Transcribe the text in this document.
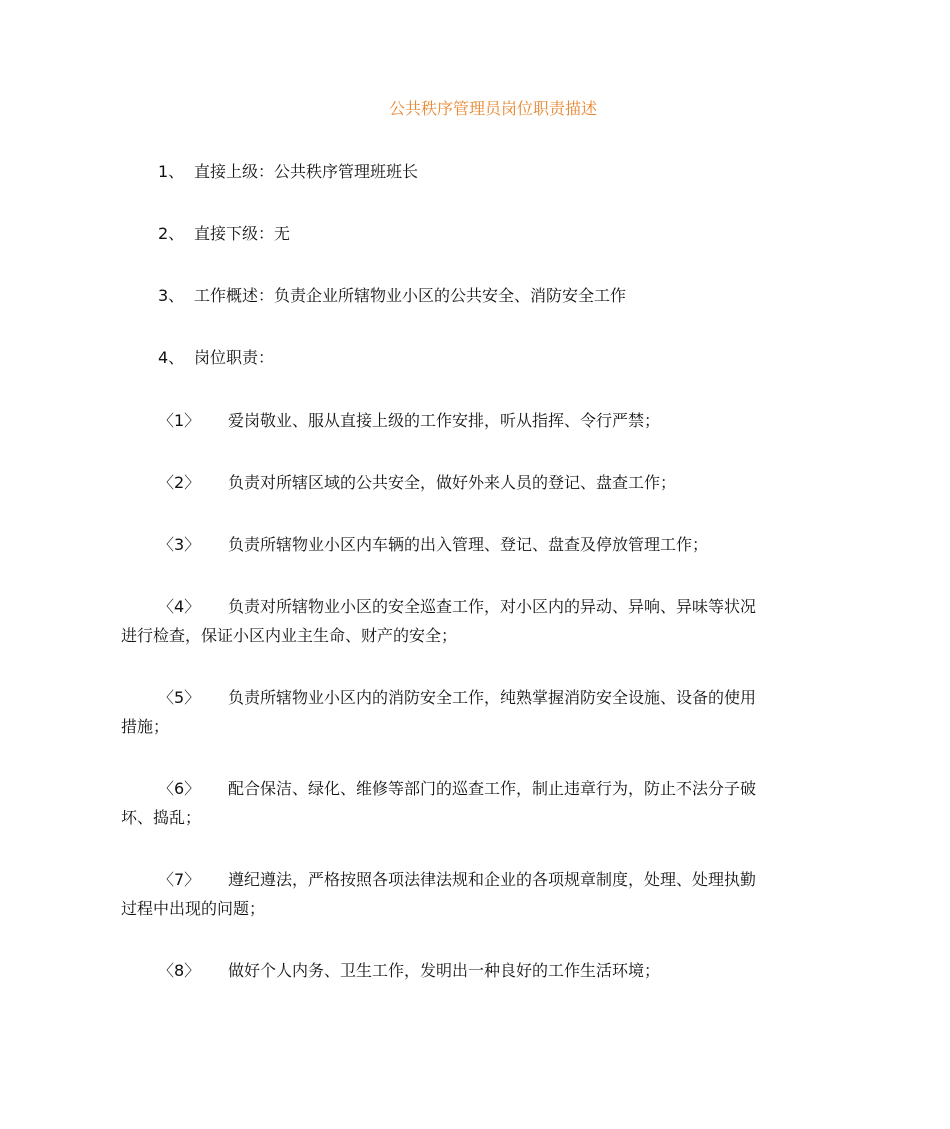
公共秩序管理员岗位职责描述
1、 直接上级：公共秩序管理班班长
2、 直接下级：无
3、 工作概述：负责企业所辖物业小区的公共安全、消防安全工作
4、 岗位职责：
〈1〉 爱岗敬业、服从直接上级的工作安排，听从指挥、令行严禁；
〈2〉 负责对所辖区域的公共安全，做好外来人员的登记、盘查工作；
〈3〉 负责所辖物业小区内车辆的出入管理、登记、盘查及停放管理工作；
〈4〉 负责对所辖物业小区的安全巡查工作，对小区内的异动、异响、异味等状况
进行检查，保证小区内业主生命、财产的安全；
〈5〉 负责所辖物业小区内的消防安全工作，纯熟掌握消防安全设施、设备的使用
措施；
〈6〉 配合保洁、绿化、维修等部门的巡查工作，制止违章行为，防止不法分子破
坏、捣乱；
〈7〉 遵纪遵法，严格按照各项法律法规和企业的各项规章制度，处理、处理执勤
过程中出现的问题；
〈8〉 做好个人内务、卫生工作，发明出一种良好的工作生活环境；
